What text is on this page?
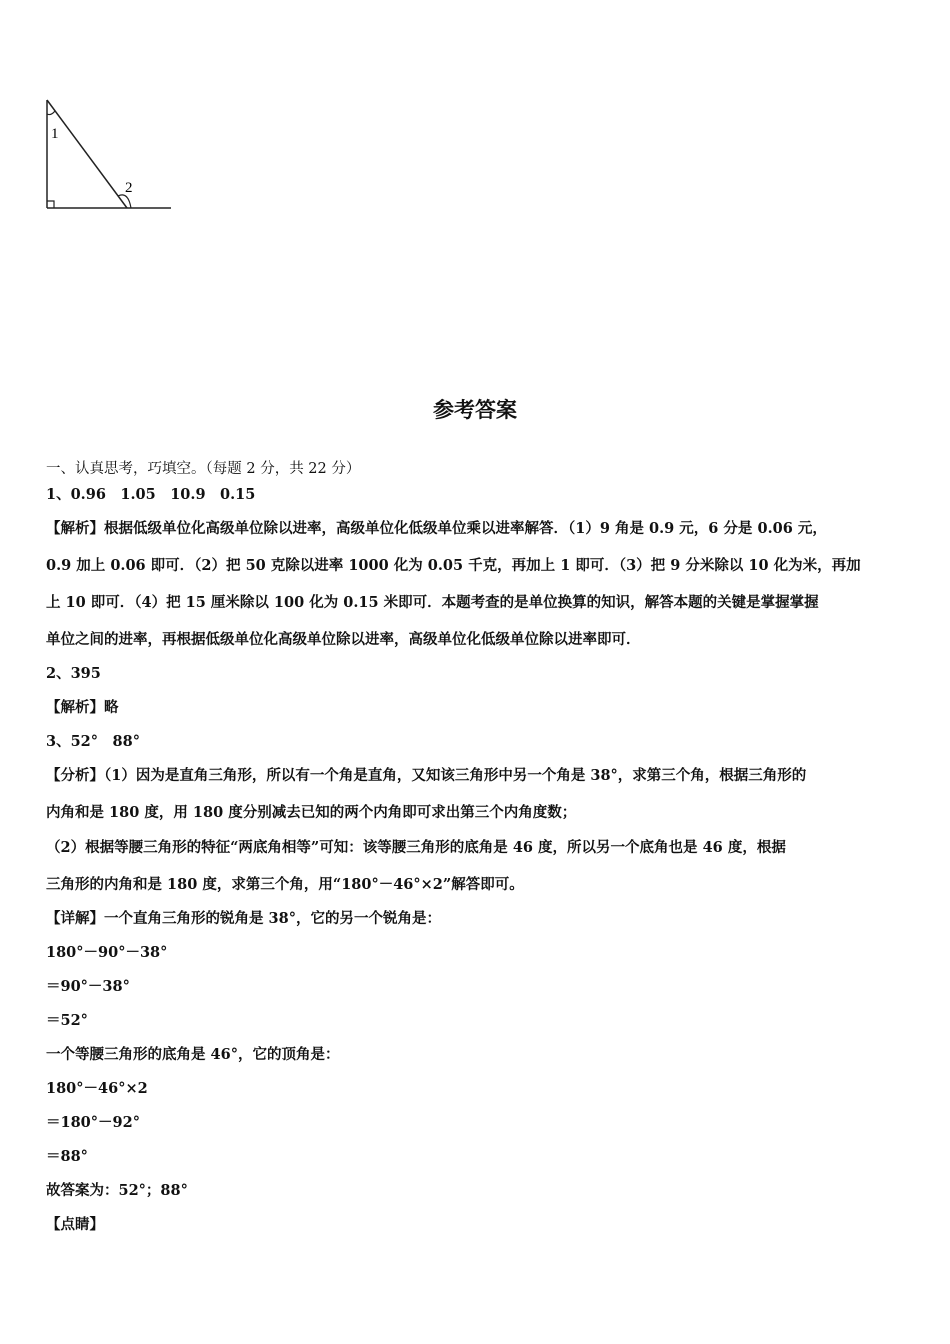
1
2
参考答案
一、认真思考，巧填空。（每题 2 分，共 22 分）
1、0.96　1.05　10.9　0.15
【解析】根据低级单位化高级单位除以进率，高级单位化低级单位乘以进率解答．（1）9 角是 0.9 元，6 分是 0.06 元，
0.9 加上 0.06 即可．（2）把 50 克除以进率 1000 化为 0.05 千克，再加上 1 即可．（3）把 9 分米除以 10 化为米，再加
上 10 即可．（4）把 15 厘米除以 100 化为 0.15 米即可．本题考查的是单位换算的知识，解答本题的关键是掌握掌握
单位之间的进率，再根据低级单位化高级单位除以进率，高级单位化低级单位除以进率即可．
2、395
【解析】略
3、52°　88°
【分析】（1）因为是直角三角形，所以有一个角是直角，又知该三角形中另一个角是 38°，求第三个角，根据三角形的
内角和是 180 度，用 180 度分别减去已知的两个内角即可求出第三个内角度数；
（2）根据等腰三角形的特征“两底角相等”可知：该等腰三角形的底角是 46 度，所以另一个底角也是 46 度，根据
三角形的内角和是 180 度，求第三个角，用“180°－46°×2”解答即可。
【详解】一个直角三角形的锐角是 38°，它的另一个锐角是：
180°－90°－38°
＝90°－38°
＝52°
一个等腰三角形的底角是 46°，它的顶角是：
180°－46°×2
＝180°－92°
＝88°
故答案为：52°；88°
【点睛】
